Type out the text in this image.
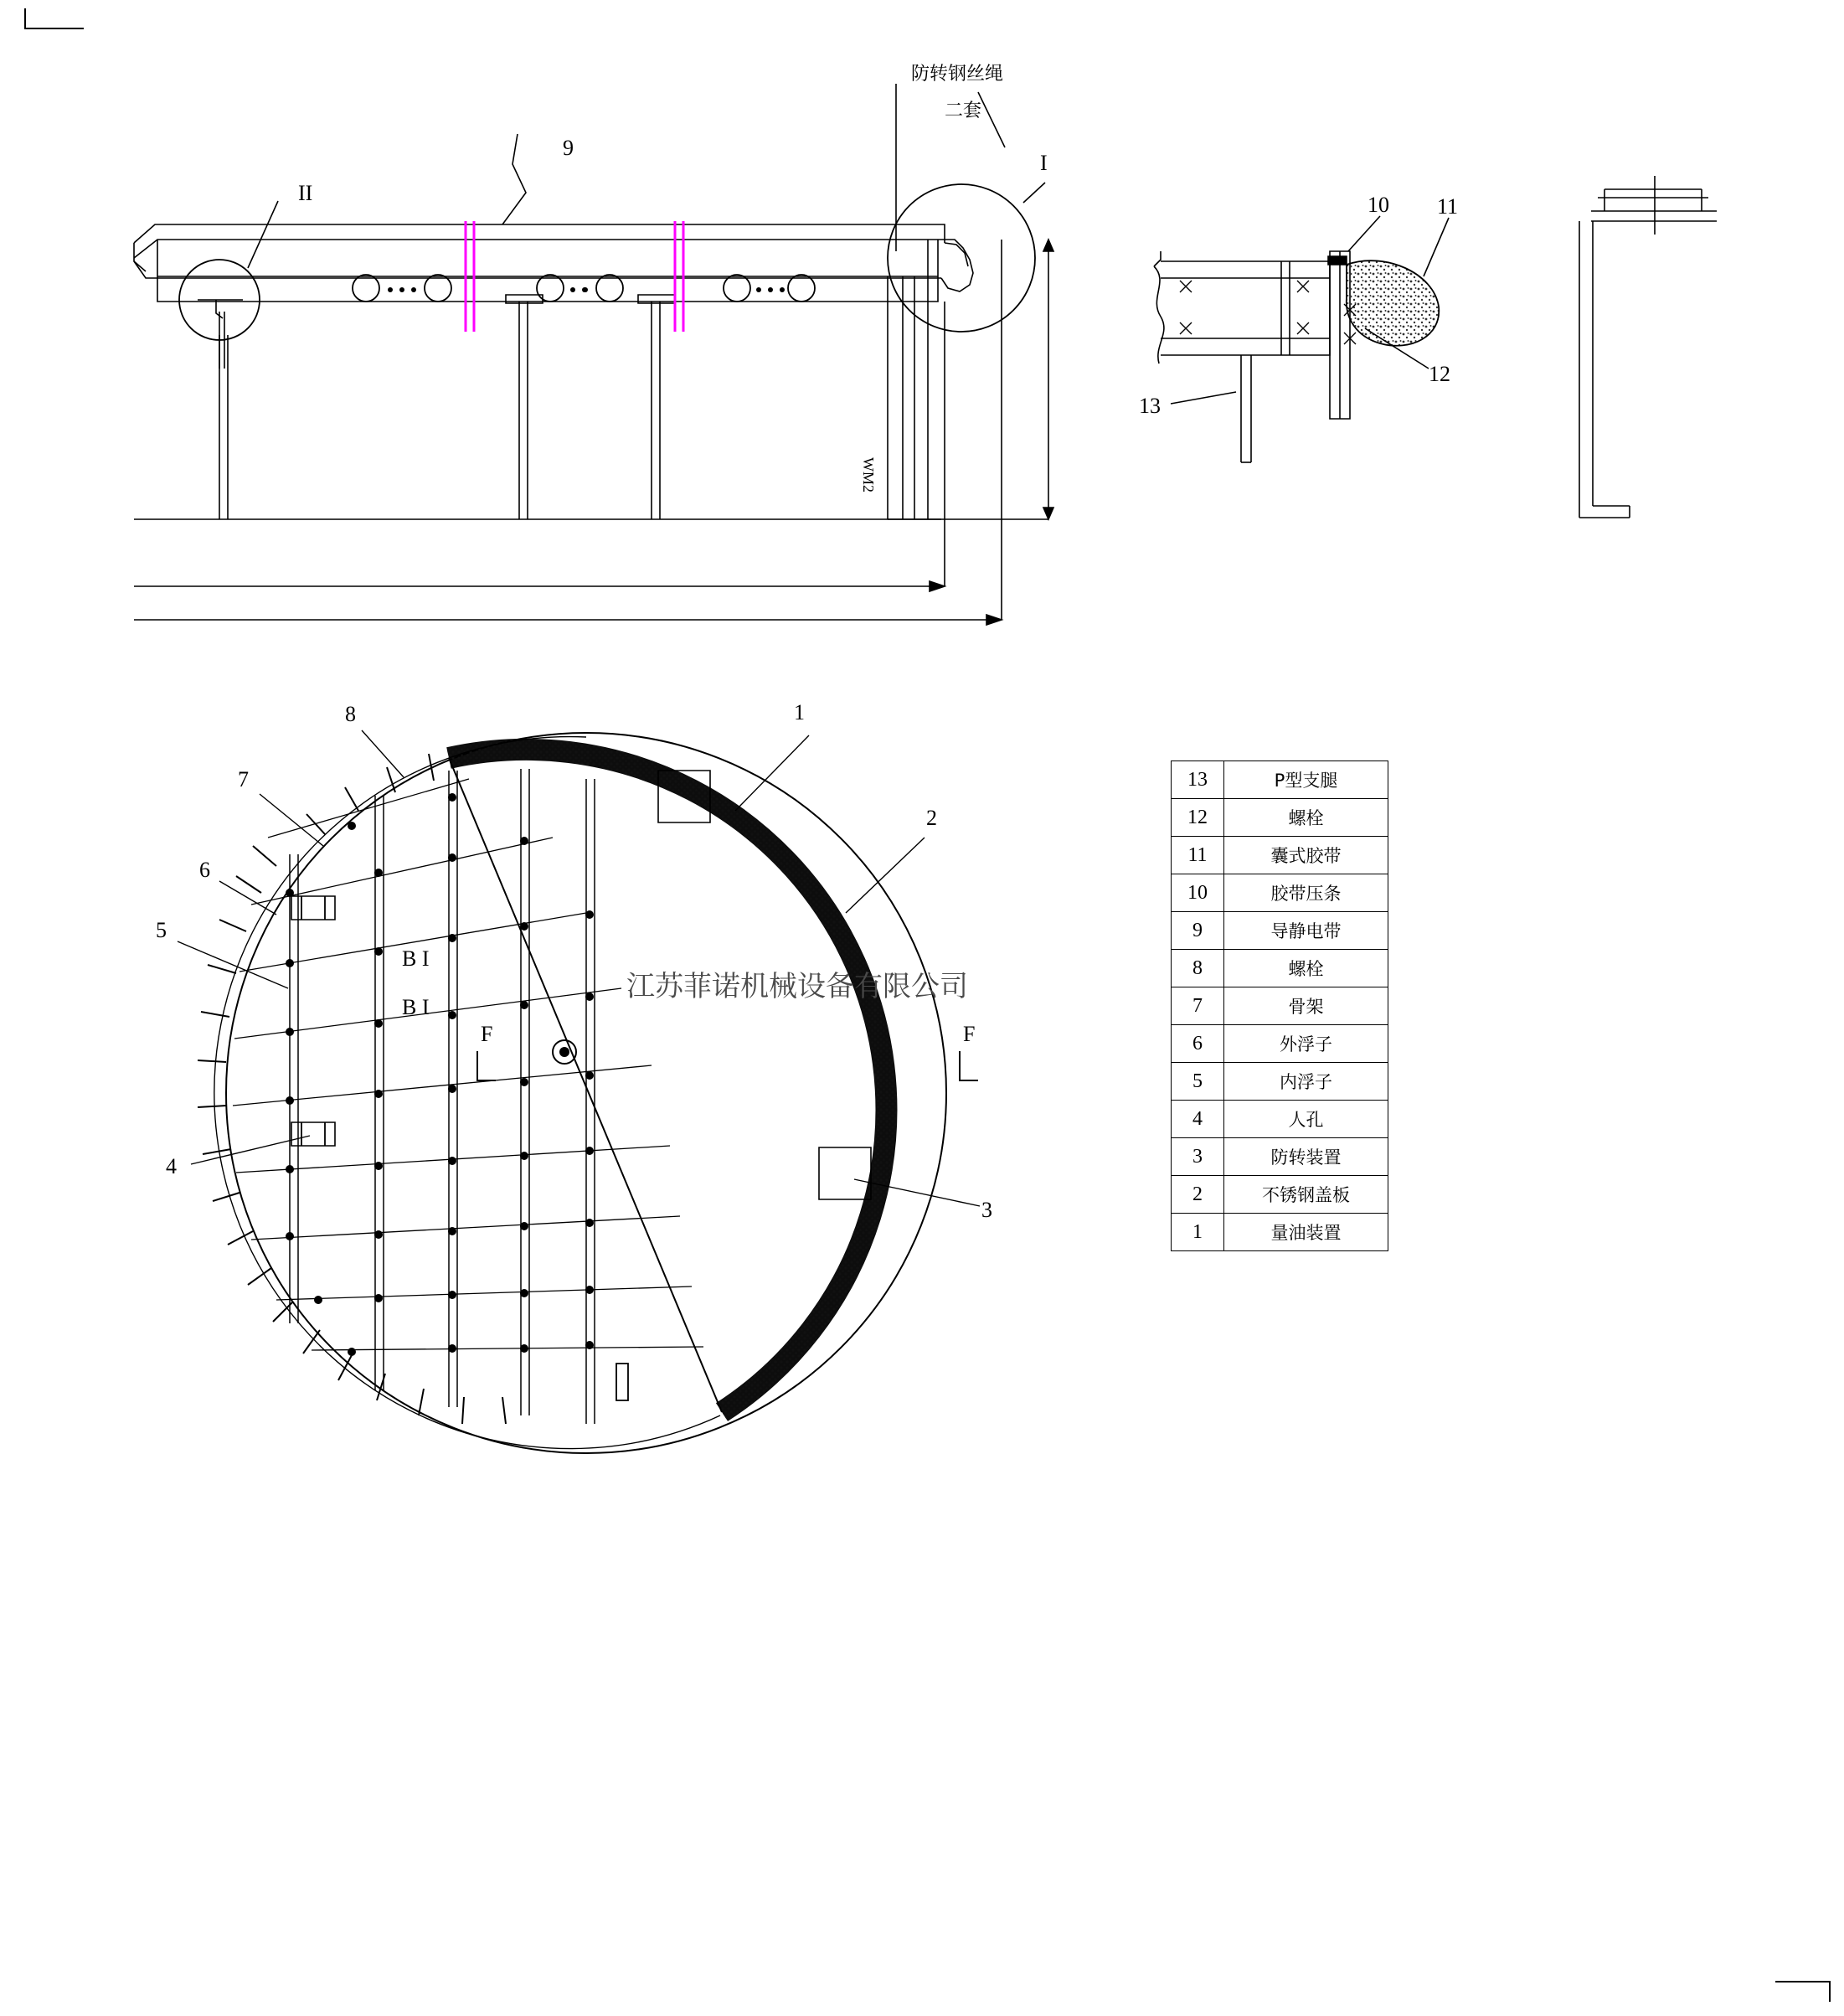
防转钢丝绳
二套
I
II
9
10 11
12
13
1
2
3
4
5
6
7
8
B I
B I
F	F
WM2
江苏菲诺机械设备有限公司
13	P型支腿
12	螺栓
11	囊式胶带
10	胶带压条
9	导静电带
8	螺栓
7	骨架
6	外浮子
5	内浮子
4	人孔
3	防转装置
2	不锈钢盖板
1	量油装置
